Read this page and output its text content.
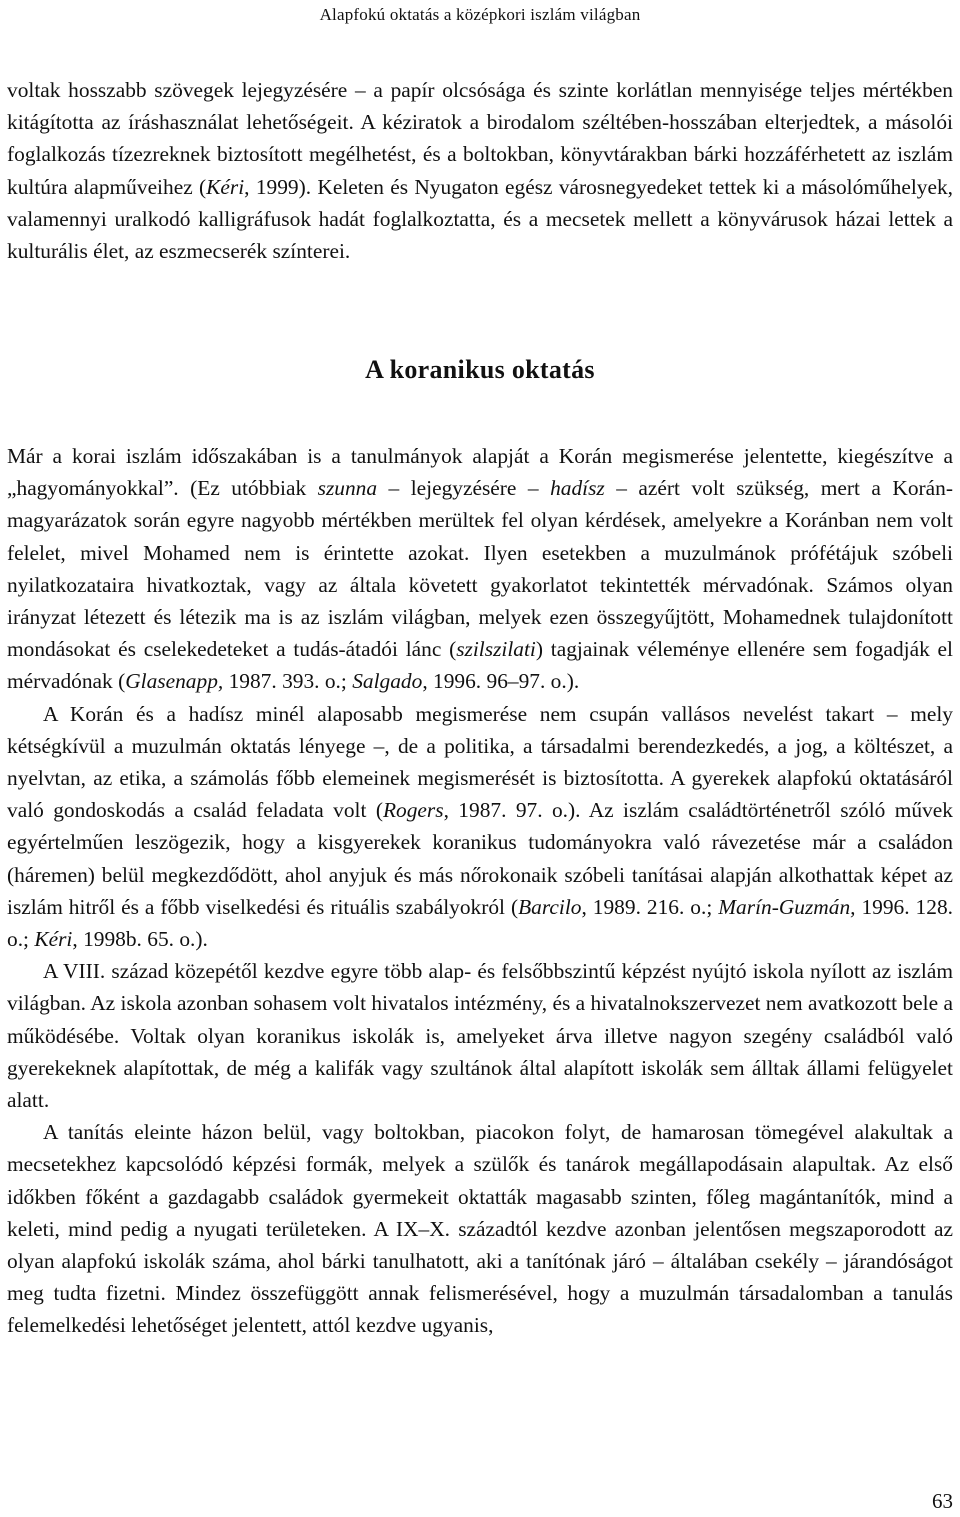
Alapfokú oktatás a középkori iszlám világban

voltak hosszabb szövegek lejegyzésére – a papír olcsósága és szinte korlátlan mennyisége teljes mértékben kitágította az íráshasználat lehetőségeit. A kéziratok a birodalom széltében-hosszában elterjedtek, a másolói foglalkozás tízezreknek biztosított megélhetést, és a boltokban, könyvtárakban bárki hozzáférhetett az iszlám kultúra alapműveihez (Kéri, 1999). Keleten és Nyugaton egész városnegyedeket tettek ki a másolóműhelyek, valamennyi uralkodó kalligráfusok hadát foglalkoztatta, és a mecsetek mellett a könyvárusok házai lettek a kulturális élet, az eszmecserék színterei.

A koranikus oktatás

Már a korai iszlám időszakában is a tanulmányok alapját a Korán megismerése jelentette, kiegészítve a „hagyományokkal”. (Ez utóbbiak szunna – lejegyzésére – hadísz – azért volt szükség, mert a Korán- magyarázatok során egyre nagyobb mértékben merültek fel olyan kérdések, amelyekre a Koránban nem volt felelet, mivel Mohamed nem is érintette azokat. Ilyen esetekben a muzulmánok prófétájuk szóbeli nyilatkozataira hivatkoztak, vagy az általa követett gyakorlatot tekintették mérvadónak. Számos olyan irányzat létezett és létezik ma is az iszlám világban, melyek ezen összegyűjtött, Mohamednek tulajdonított mondásokat és cselekedeteket a tudás-átadói lánc (szilszilati) tagjainak véleménye ellenére sem fogadják el mérvadónak (Glasenapp, 1987. 393. o.; Salgado, 1996. 96–97. o.).

A Korán és a hadísz minél alaposabb megismerése nem csupán vallásos nevelést takart – mely kétségkívül a muzulmán oktatás lényege –, de a politika, a társadalmi berendezkedés, a jog, a költészet, a nyelvtan, az etika, a számolás főbb elemeinek megismerését is biztosította. A gyerekek alapfokú oktatásáról való gondoskodás a család feladata volt (Rogers, 1987. 97. o.). Az iszlám családtörténetről szóló művek egyértelműen leszögezik, hogy a kisgyerekek koranikus tudományokra való rávezetése már a családon (háremen) belül megkezdődött, ahol anyjuk és más nőrokonaik szóbeli tanításai alapján alkothattak képet az iszlám hitről és a főbb viselkedési és rituális szabályokról (Barcilo, 1989. 216. o.; Marín-Guzmán, 1996. 128. o.; Kéri, 1998b. 65. o.).

A VIII. század közepétől kezdve egyre több alap- és felsőbbszintű képzést nyújtó iskola nyílott az iszlám világban. Az iskola azonban sohasem volt hivatalos intézmény, és a hivatalnokszervezet nem avatkozott bele a működésébe. Voltak olyan koranikus iskolák is, amelyeket árva illetve nagyon szegény családból való gyerekeknek alapítottak, de még a kalifák vagy szultánok által alapított iskolák sem álltak állami felügyelet alatt.

A tanítás eleinte házon belül, vagy boltokban, piacokon folyt, de hamarosan tömegével alakultak a mecsetekhez kapcsolódó képzési formák, melyek a szülők és tanárok megállapodásain alapultak. Az első időkben főként a gazdagabb családok gyermekeit oktatták magasabb szinten, főleg magántanítók, mind a keleti, mind pedig a nyugati területeken. A IX–X. századtól kezdve azonban jelentősen megszaporodott az olyan alapfokú iskolák száma, ahol bárki tanulhatott, aki a tanítónak járó – általában csekély – járandóságot meg tudta fizetni. Mindez összefüggött annak felismerésével, hogy a muzulmán társadalomban a tanulás felemelkedési lehetőséget jelentett, attól kezdve ugyanis,

63
